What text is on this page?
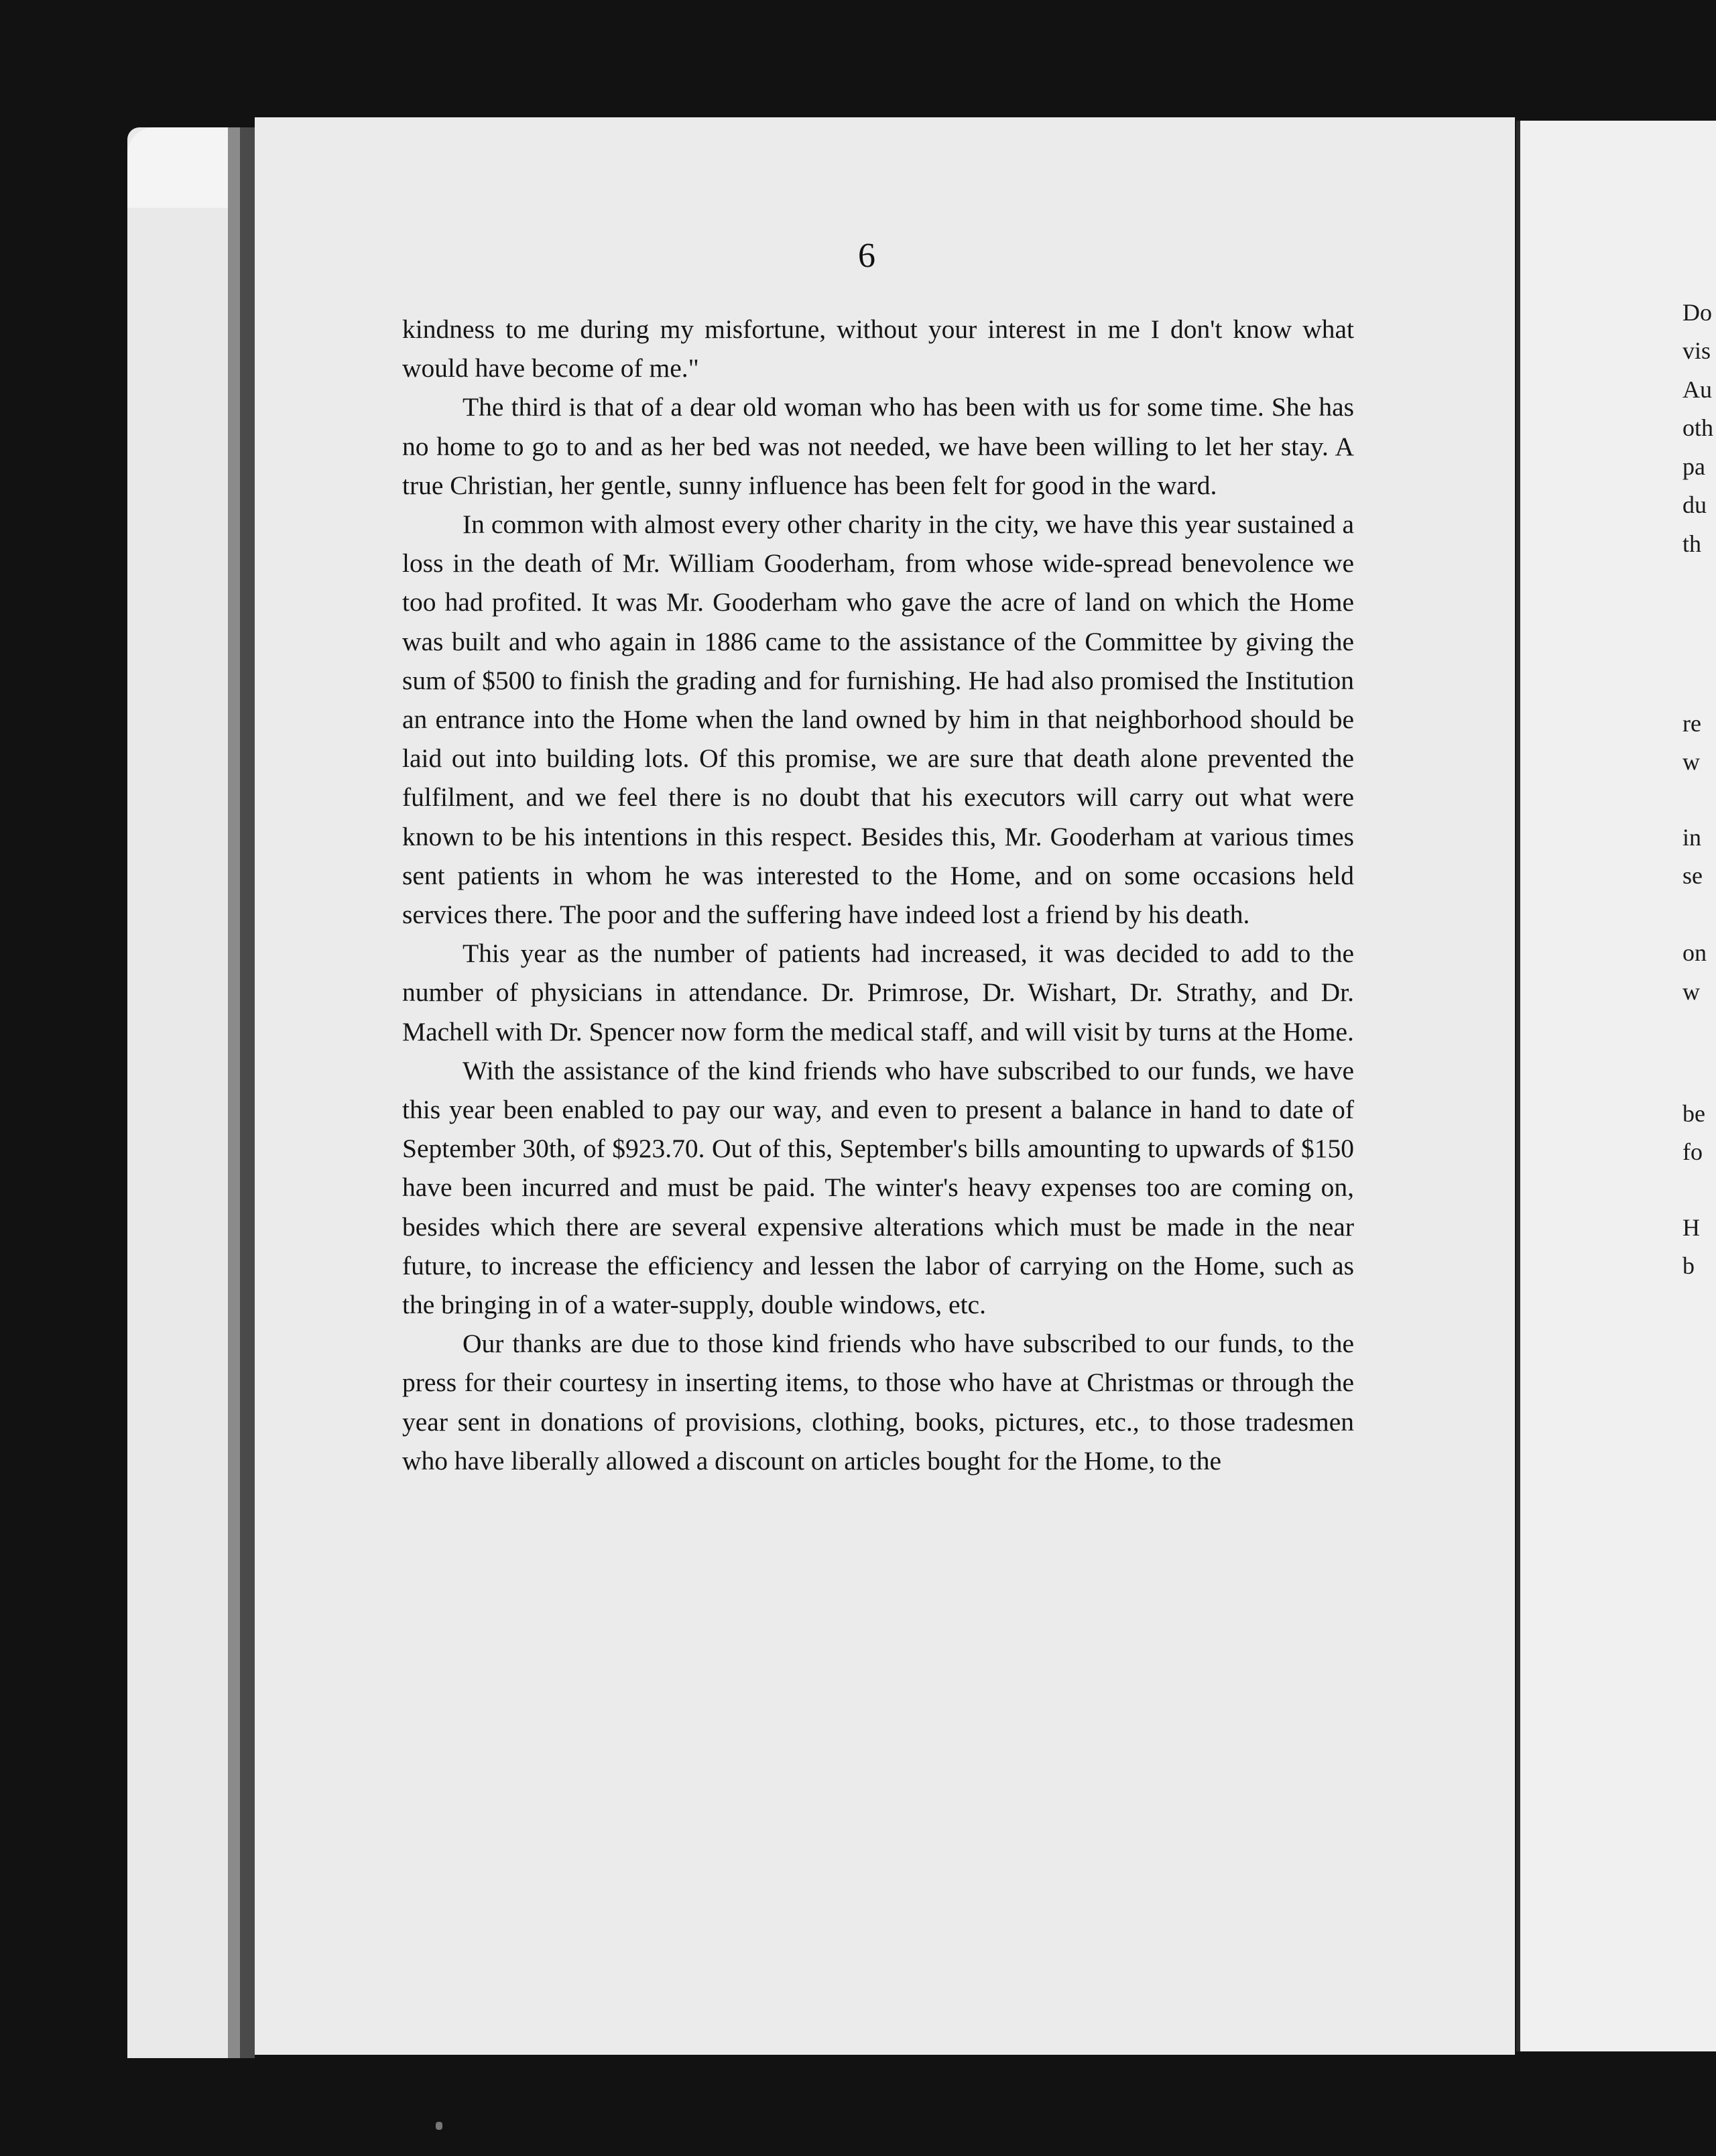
6

kindness to me during my misfortune, without your interest in me I don't know what would have become of me."

The third is that of a dear old woman who has been with us for some time. She has no home to go to and as her bed was not needed, we have been willing to let her stay. A true Christian, her gentle, sunny influence has been felt for good in the ward.

In common with almost every other charity in the city, we have this year sustained a loss in the death of Mr. William Gooderham, from whose wide-spread benevolence we too had profited. It was Mr. Gooderham who gave the acre of land on which the Home was built and who again in 1886 came to the assistance of the Committee by giving the sum of $500 to finish the grading and for furnishing. He had also promised the Institution an entrance into the Home when the land owned by him in that neighborhood should be laid out into building lots. Of this promise, we are sure that death alone prevented the fulfilment, and we feel there is no doubt that his executors will carry out what were known to be his intentions in this respect. Besides this, Mr. Gooderham at various times sent patients in whom he was interested to the Home, and on some occasions held services there. The poor and the suffering have indeed lost a friend by his death.

This year as the number of patients had increased, it was decided to add to the number of physicians in attendance. Dr. Primrose, Dr. Wishart, Dr. Strathy, and Dr. Machell with Dr. Spencer now form the medical staff, and will visit by turns at the Home.

With the assistance of the kind friends who have subscribed to our funds, we have this year been enabled to pay our way, and even to present a balance in hand to date of September 30th, of $923.70. Out of this, September's bills amounting to upwards of $150 have been incurred and must be paid. The winter's heavy expenses too are coming on, besides which there are several expensive alterations which must be made in the near future, to increase the efficiency and lessen the labor of carrying on the Home, such as the bringing in of a water-supply, double windows, etc.

Our thanks are due to those kind friends who have subscribed to our funds, to the press for their courtesy in inserting items, to those who have at Christmas or through the year sent in donations of provisions, clothing, books, pictures, etc., to those tradesmen who have liberally allowed a discount on articles bought for the Home, to the

Do
vis
Au
oth
pa
du
th
re
w
in
se
on
w
be
fo
H
b
